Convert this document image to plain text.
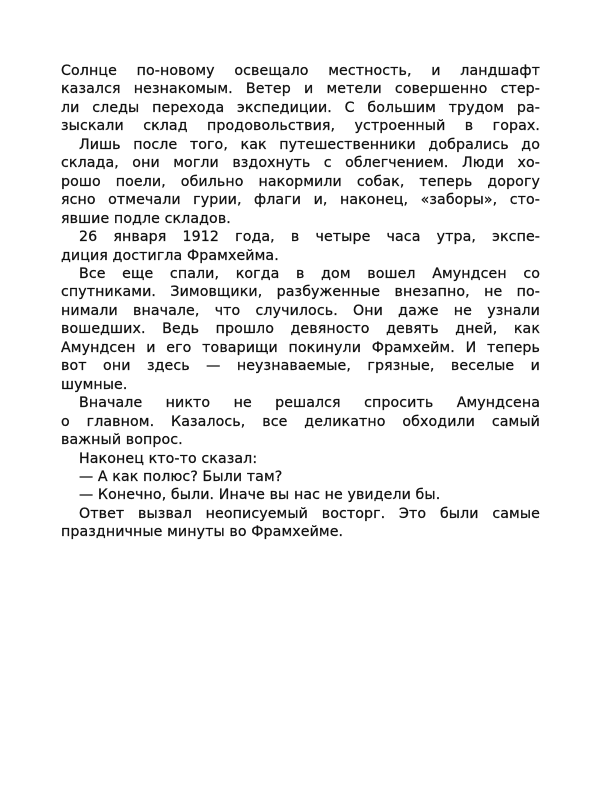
Солнце по-новому освещало местность, и ландшафт
казался незнакомым. Ветер и метели совершенно стер-
ли следы перехода экспедиции. С большим трудом ра-
зыскали склад продовольствия, устроенный в горах.
Лишь после того, как путешественники добрались до
склада, они могли вздохнуть с облегчением. Люди хо-
рошо поели, обильно накормили собак, теперь дорогу
ясно отмечали гурии, флаги и, наконец, «заборы», сто-
явшие подле складов.
26 января 1912 года, в четыре часа утра, экспе-
диция достигла Фрамхейма.
Все еще спали, когда в дом вошел Амундсен со
спутниками. Зимовщики, разбуженные внезапно, не по-
нимали вначале, что случилось. Они даже не узнали
вошедших. Ведь прошло девяносто девять дней, как
Амундсен и его товарищи покинули Фрамхейм. И теперь
вот они здесь — неузнаваемые, грязные, веселые и
шумные.
Вначале никто не решался спросить Амундсена
о главном. Казалось, все деликатно обходили самый
важный вопрос.
Наконец кто-то сказал:
— А как полюс? Были там?
— Конечно, были. Иначе вы нас не увидели бы.
Ответ вызвал неописуемый восторг. Это были самые
праздничные минуты во Фрамхейме.
